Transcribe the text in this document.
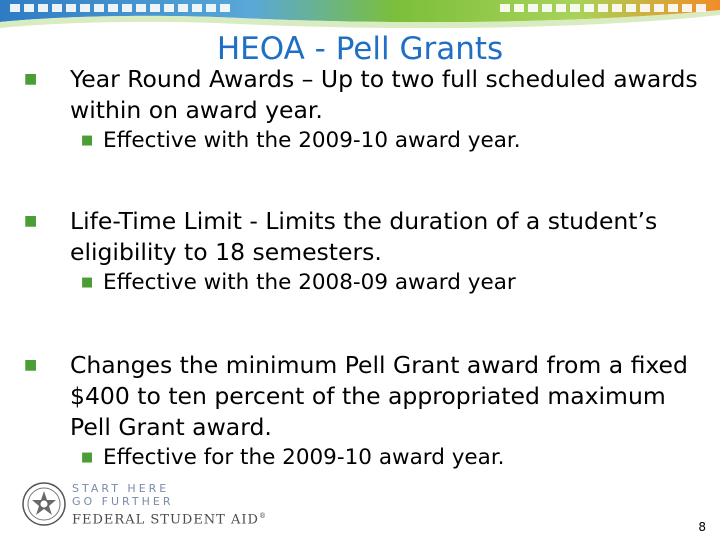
HEOA - Pell Grants
■ Year Round Awards – Up to two full scheduled awards within on award year.
■ Effective with the 2009-10 award year.
■ Life-Time Limit - Limits the duration of a student’s eligibility to 18 semesters.
■ Effective with the 2008-09 award year
■ Changes the minimum Pell Grant award from a fixed $400 to ten percent of the appropriated maximum Pell Grant award.
■ Effective for the 2009-10 award year.
START HERE
GO FURTHER
FEDERAL STUDENT AID®
8
